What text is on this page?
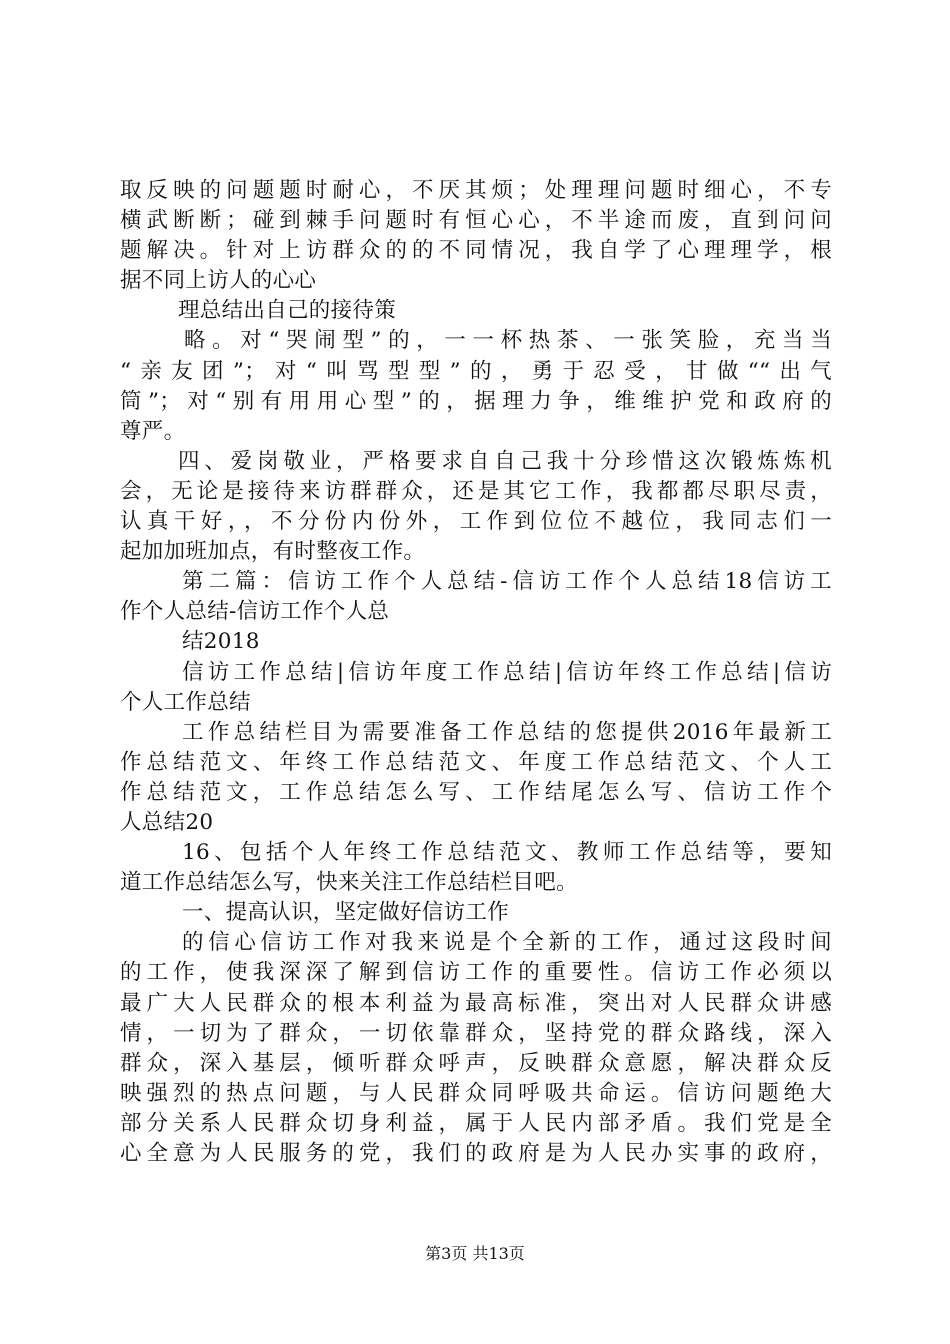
取反映的问题题时耐心，不厌其烦；处理理问题时细心，不专
横武断断；碰到棘手问题时有恒心心，不半途而废，直到问问
题解决。针对上访群众的的不同情况，我自学了心理理学，根
据不同上访人的心心
理总结出自己的接待策
略。对“哭闹型”的，一一杯热茶、一张笑脸，充当当
“亲友团”；对“叫骂型型”的，勇于忍受，甘做““出气
筒”；对“别有用用心型”的，据理力争，维维护党和政府的
尊严。
四、爱岗敬业，严格要求自自己我十分珍惜这次锻炼炼机
会，无论是接待来访群群众，还是其它工作，我都都尽职尽责，
认真干好，，不分份内份外，工作到位位不越位，我同志们一
起加加班加点，有时整夜工作。
第二篇：信访工作个人总结-信访工作个人总结18信访工
作个人总结-信访工作个人总
结2018
信访工作总结|信访年度工作总结|信访年终工作总结|信访
个人工作总结
工作总结栏目为需要准备工作总结的您提供2016年最新工
作总结范文、年终工作总结范文、年度工作总结范文、个人工
作总结范文，工作总结怎么写、工作结尾怎么写、信访工作个
人总结20
16、包括个人年终工作总结范文、教师工作总结等，要知
道工作总结怎么写，快来关注工作总结栏目吧。
一、提高认识，坚定做好信访工作
的信心信访工作对我来说是个全新的工作，通过这段时间
的工作，使我深深了解到信访工作的重要性。信访工作必须以
最广大人民群众的根本利益为最高标准，突出对人民群众讲感
情，一切为了群众，一切依靠群众，坚持党的群众路线，深入
群众，深入基层，倾听群众呼声，反映群众意愿，解决群众反
映强烈的热点问题，与人民群众同呼吸共命运。信访问题绝大
部分关系人民群众切身利益，属于人民内部矛盾。我们党是全
心全意为人民服务的党，我们的政府是为人民办实事的政府，
第3页 共13页
